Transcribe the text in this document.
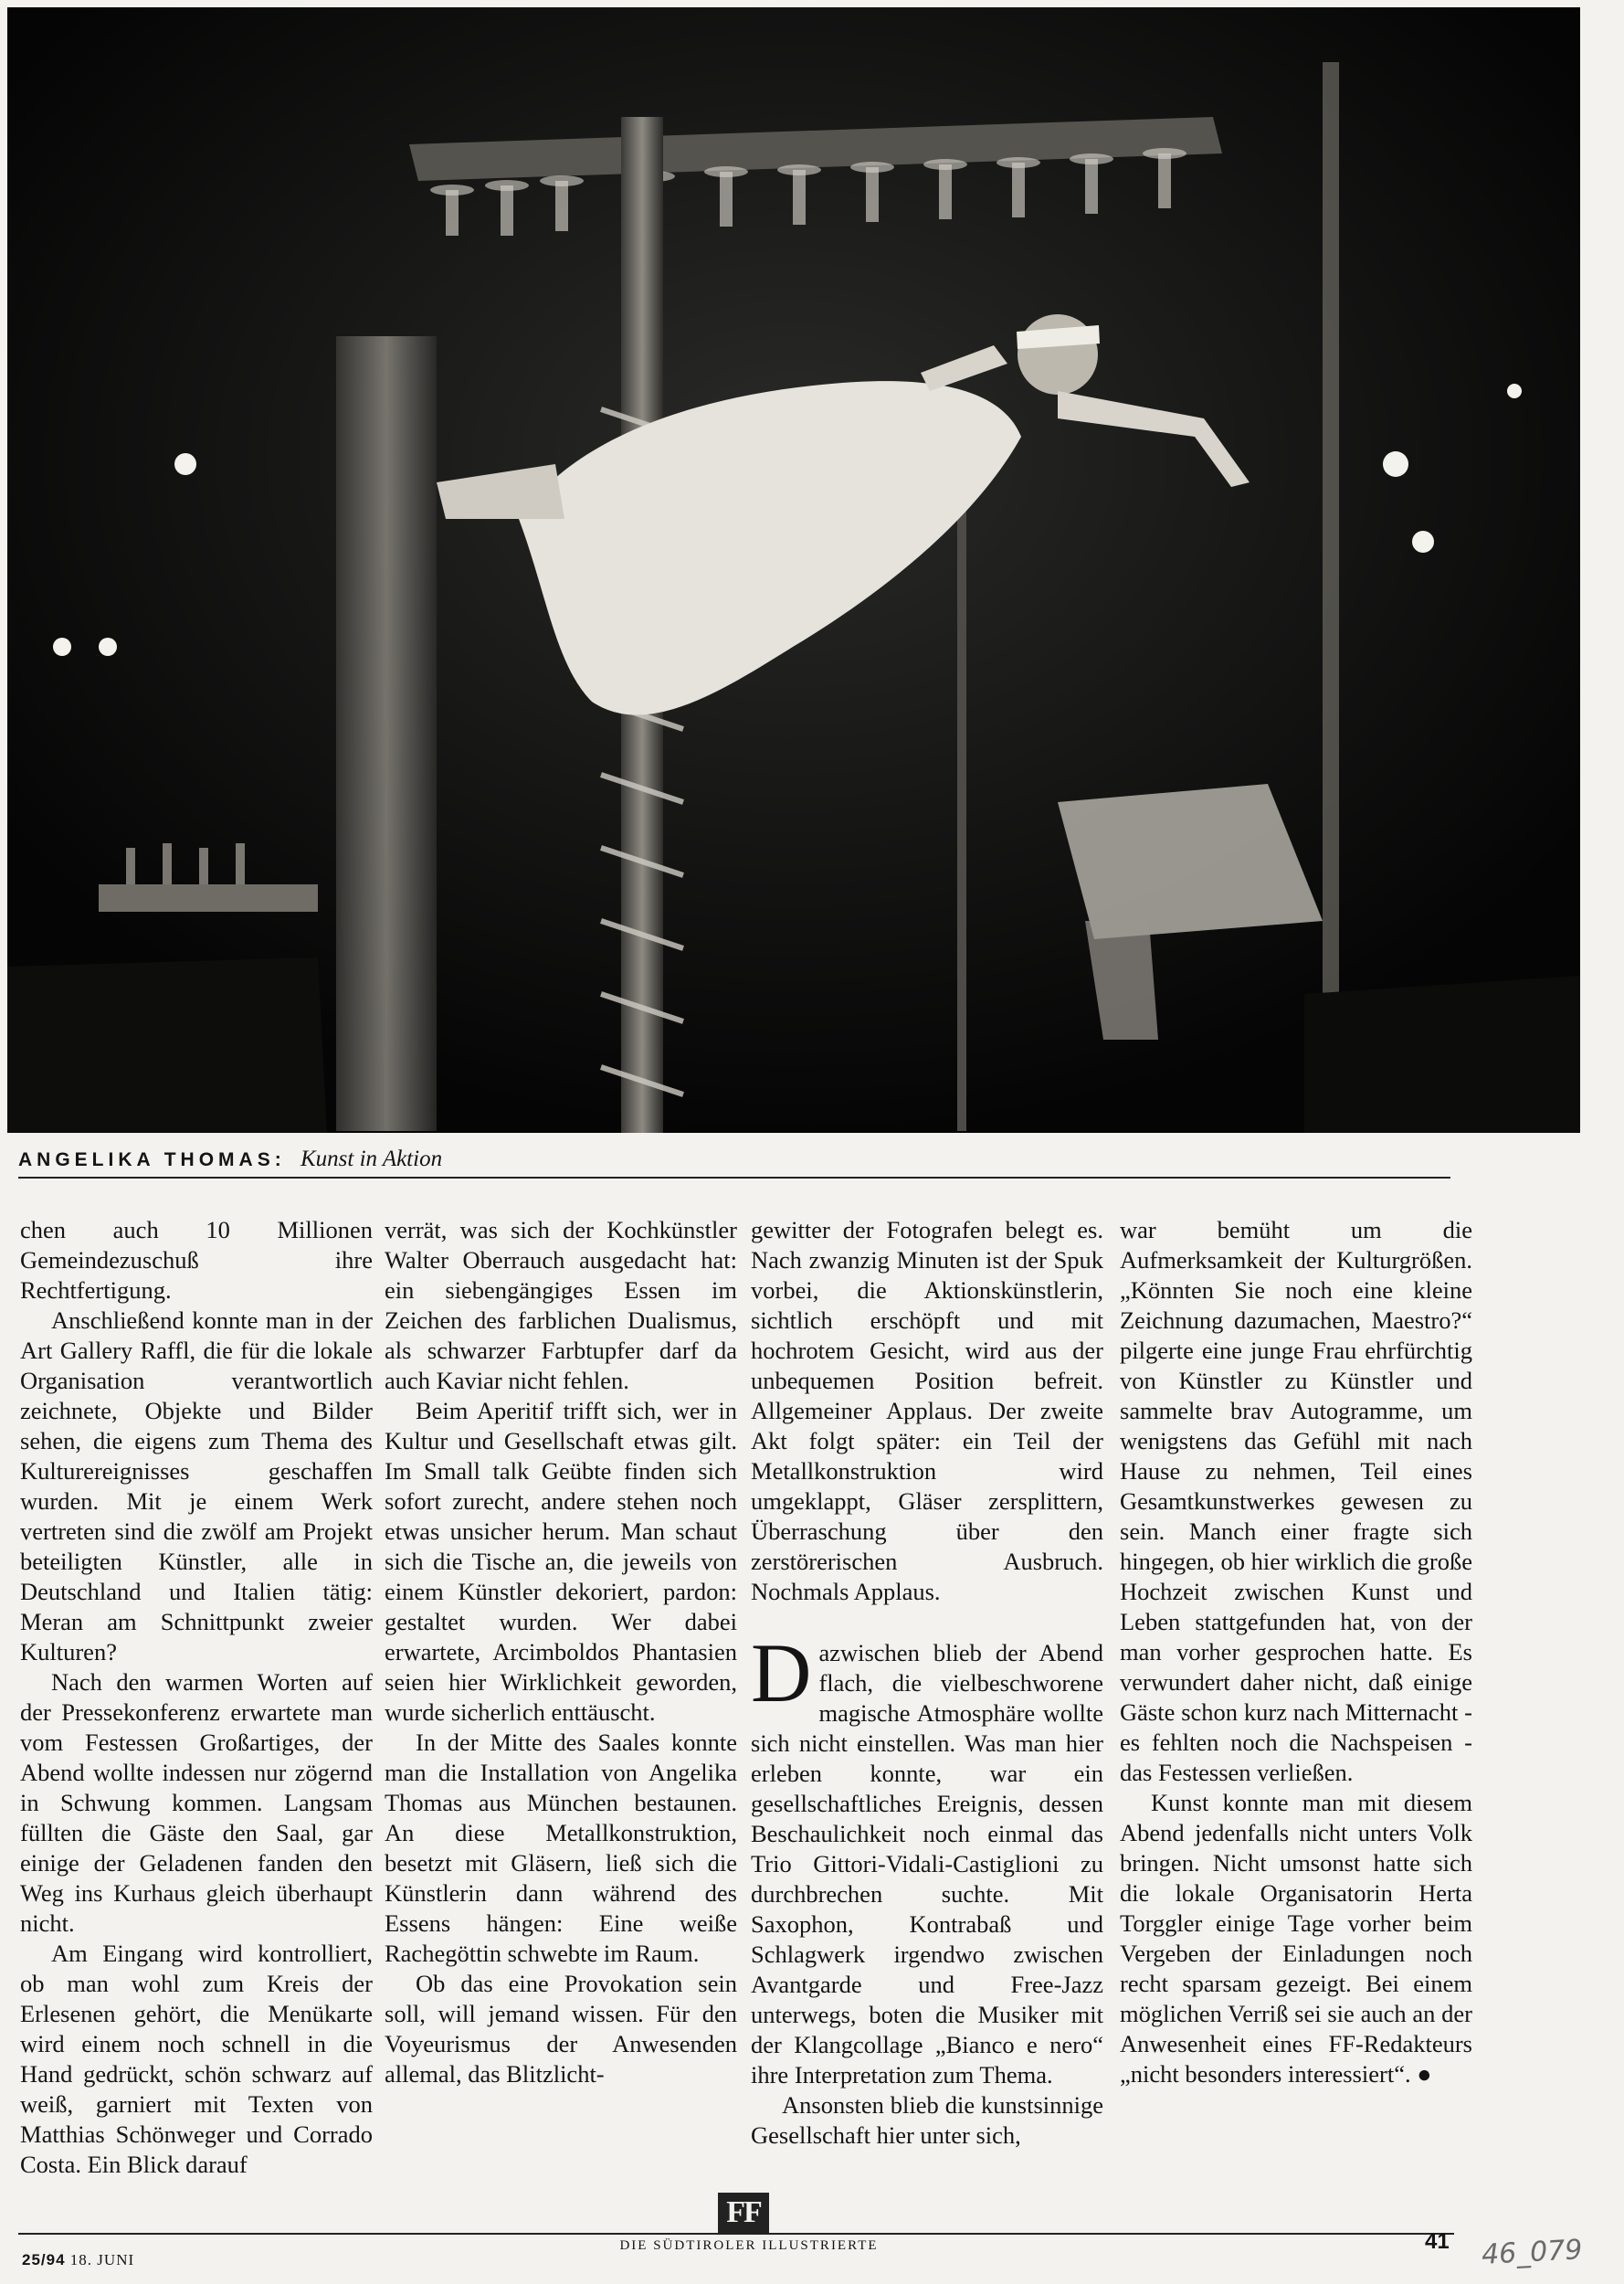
ANGELIKA THOMAS: Kunst in Aktion

chen auch 10 Millionen Gemeindezuschuß ihre Rechtfertigung.

Anschließend konnte man in der Art Gallery Raffl, die für die lokale Organisation verantwortlich zeichnete, Objekte und Bilder sehen, die eigens zum Thema des Kulturereignisses geschaffen wurden. Mit je einem Werk vertreten sind die zwölf am Projekt beteiligten Künstler, alle in Deutschland und Italien tätig: Meran am Schnittpunkt zweier Kulturen?

Nach den warmen Worten auf der Pressekonferenz erwartete man vom Festessen Großartiges, der Abend wollte indessen nur zögernd in Schwung kommen. Langsam füllten die Gäste den Saal, gar einige der Geladenen fanden den Weg ins Kurhaus gleich überhaupt nicht.

Am Eingang wird kontrolliert, ob man wohl zum Kreis der Erlesenen gehört, die Menükarte wird einem noch schnell in die Hand gedrückt, schön schwarz auf weiß, garniert mit Texten von Matthias Schönweger und Corrado Costa. Ein Blick darauf

verrät, was sich der Kochkünstler Walter Oberrauch ausgedacht hat: ein siebengängiges Essen im Zeichen des farblichen Dualismus, als schwarzer Farbtupfer darf da auch Kaviar nicht fehlen.

Beim Aperitif trifft sich, wer in Kultur und Gesellschaft etwas gilt. Im Small talk Geübte finden sich sofort zurecht, andere stehen noch etwas unsicher herum. Man schaut sich die Tische an, die jeweils von einem Künstler dekoriert, pardon: gestaltet wurden. Wer dabei erwartete, Arcimboldos Phantasien seien hier Wirklichkeit geworden, wurde sicherlich enttäuscht.

In der Mitte des Saales konnte man die Installation von Angelika Thomas aus München bestaunen. An diese Metallkonstruktion, besetzt mit Gläsern, ließ sich die Künstlerin dann während des Essens hängen: Eine weiße Rachegöttin schwebte im Raum.

Ob das eine Provokation sein soll, will jemand wissen. Für den Voyeurismus der Anwesenden allemal, das Blitzlicht-

gewitter der Fotografen belegt es. Nach zwanzig Minuten ist der Spuk vorbei, die Aktionskünstlerin, sichtlich erschöpft und mit hochrotem Gesicht, wird aus der unbequemen Position befreit. Allgemeiner Applaus. Der zweite Akt folgt später: ein Teil der Metallkonstruktion wird umgeklappt, Gläser zersplittern, Überraschung über den zerstörerischen Ausbruch. Nochmals Applaus.

Dazwischen blieb der Abend flach, die vielbeschworene magische Atmosphäre wollte sich nicht einstellen. Was man hier erleben konnte, war ein gesellschaftliches Ereignis, dessen Beschaulichkeit noch einmal das Trio Gittori-Vidali-Castiglioni zu durchbrechen suchte. Mit Saxophon, Kontrabaß und Schlagwerk irgendwo zwischen Avantgarde und Free-Jazz unterwegs, boten die Musiker mit der Klangcollage „Bianco e nero“ ihre Interpretation zum Thema.

Ansonsten blieb die kunstsinnige Gesellschaft hier unter sich,

war bemüht um die Aufmerksamkeit der Kulturgrößen. „Könnten Sie noch eine kleine Zeichnung dazumachen, Maestro?“ pilgerte eine junge Frau ehrfürchtig von Künstler zu Künstler und sammelte brav Autogramme, um wenigstens das Gefühl mit nach Hause zu nehmen, Teil eines Gesamtkunstwerkes gewesen zu sein. Manch einer fragte sich hingegen, ob hier wirklich die große Hochzeit zwischen Kunst und Leben stattgefunden hat, von der man vorher gesprochen hatte. Es verwundert daher nicht, daß einige Gäste schon kurz nach Mitternacht - es fehlten noch die Nachspeisen - das Festessen verließen.

Kunst konnte man mit diesem Abend jedenfalls nicht unters Volk bringen. Nicht umsonst hatte sich die lokale Organisatorin Herta Torggler einige Tage vorher beim Vergeben der Einladungen noch recht sparsam gezeigt. Bei einem möglichen Verriß sei sie auch an der Anwesenheit eines FF-Redakteurs „nicht besonders interessiert“. ●

FF
25/94 18. JUNI
DIE SÜDTIROLER ILLUSTRIERTE	41 46_079
